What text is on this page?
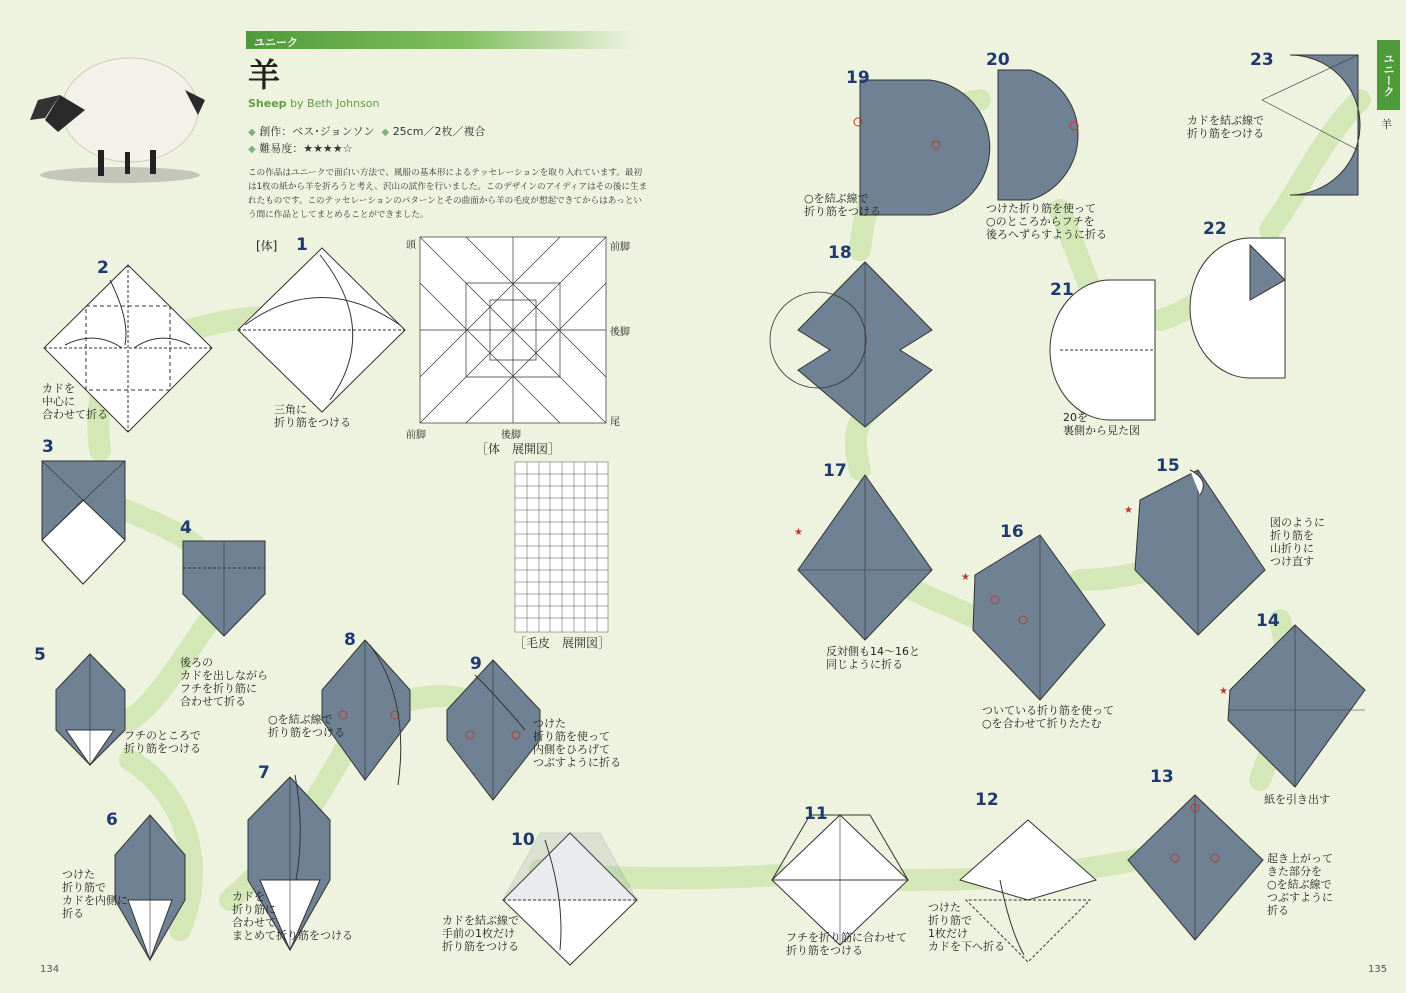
★
★
★
★
ユニーク
羊
Sheep by Beth Johnson
◆ 創作：ベス･ジョンソン ◆ 25cm／2枚／複合
◆ 難易度：★★★★☆
この作品はユニークで面白い方法で、風船の基本形によるテッセレーションを取り入れています。最初は1枚の紙から羊を折ろうと考え、沢山の試作を行いました。このデザインのアイディアはその後に生まれたものです。このテッセレーションのパターンとその曲面から羊の毛皮が想起できてからはあっという間に作品としてまとめることができました。
ユニーク
羊
[体]	頭	前脚
後脚
前脚	後脚
尾
［体　展開図］
［毛皮　展開図］
1
2
3
4
5
6
7
8
9
10
11
12
13
14
15
16
17
18
19
20
21
22
23
三角に
折り筋をつける
カドを
中心に
合わせて折る
後ろの
カドを出しながら
フチを折り筋に
合わせて折る
フチのところで
折り筋をつける
つけた
折り筋で
カドを内側に
折る
カドを
折り筋に
合わせて
まとめて折り筋をつける
○を結ぶ線で
折り筋をつける
つけた
折り筋を使って
内側をひろげて
つぶすように折る
カドを結ぶ線で
手前の1枚だけ
折り筋をつける
フチを折り筋に合わせて
折り筋をつける
つけた
折り筋で
1枚だけ
カドを下へ折る
起き上がって
きた部分を
○を結ぶ線で
つぶすように
折る
紙を引き出す
図のように
折り筋を
山折りに
つけ直す
ついている折り筋を使って
○を合わせて折りたたむ
反対側も14〜16と
同じように折る
○を結ぶ線で
折り筋をつける	つけた折り筋を使って
○のところからフチを
後ろへずらすように折る
20を
裏側から見た図
カドを結ぶ線で
折り筋をつける
134	135
